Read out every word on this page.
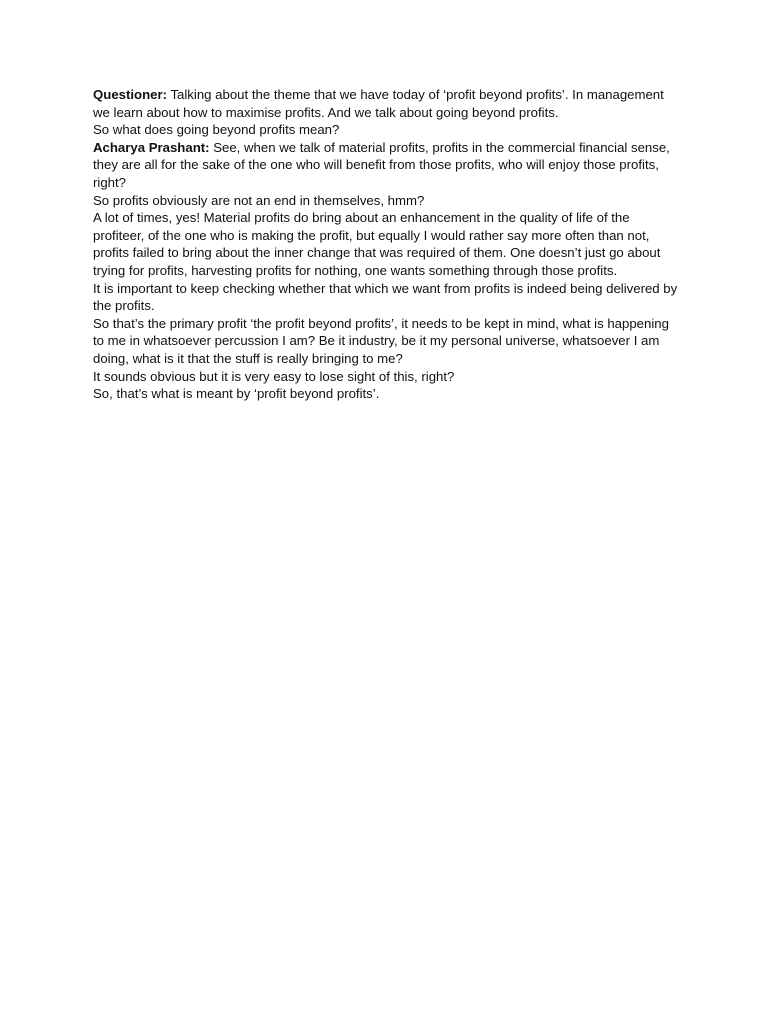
Questioner: Talking about the theme that we have today of ‘profit beyond profits’. In management we learn about how to maximise profits. And we talk about going beyond profits.

So what does going beyond profits mean?

Acharya Prashant: See, when we talk of material profits, profits in the commercial financial sense, they are all for the sake of the one who will benefit from those profits, who will enjoy those profits, right?

So profits obviously are not an end in themselves, hmm?

A lot of times, yes! Material profits do bring about an enhancement in the quality of life of the profiteer, of the one who is making the profit, but equally I would rather say more often than not, profits failed to bring about the inner change that was required of them. One doesn’t just go about trying for profits, harvesting profits for nothing, one wants something through those profits.

It is important to keep checking whether that which we want from profits is indeed being delivered by the profits.

So that’s the primary profit ‘the profit beyond profits’, it needs to be kept in mind, what is happening to me in whatsoever percussion I am? Be it industry, be it my personal universe, whatsoever I am doing, what is it that the stuff is really bringing to me?

It sounds obvious but it is very easy to lose sight of this, right?

So, that’s what is meant by ‘profit beyond profits’.
